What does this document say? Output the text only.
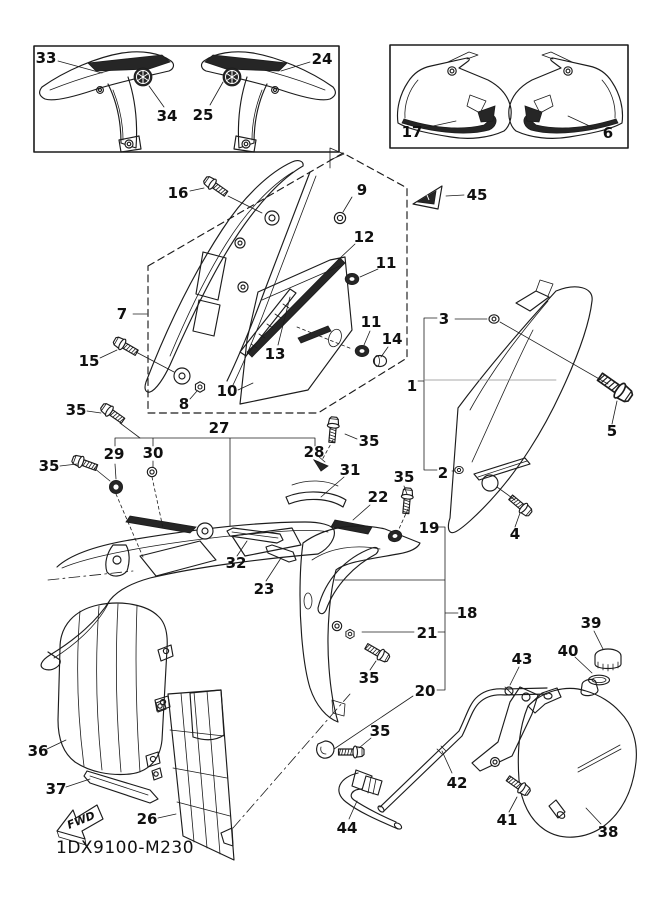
FWD
1DX9100-M230
33
34 25
24
17	6
16	9	45
12
11
7
15	13
11
14
10
8
3
1
5
2
4
35
27
29 30	28
35
31
35
22
35
19
32
23
18
21
35
20
35
36
37
26	44
42
43
39
40
41
38
